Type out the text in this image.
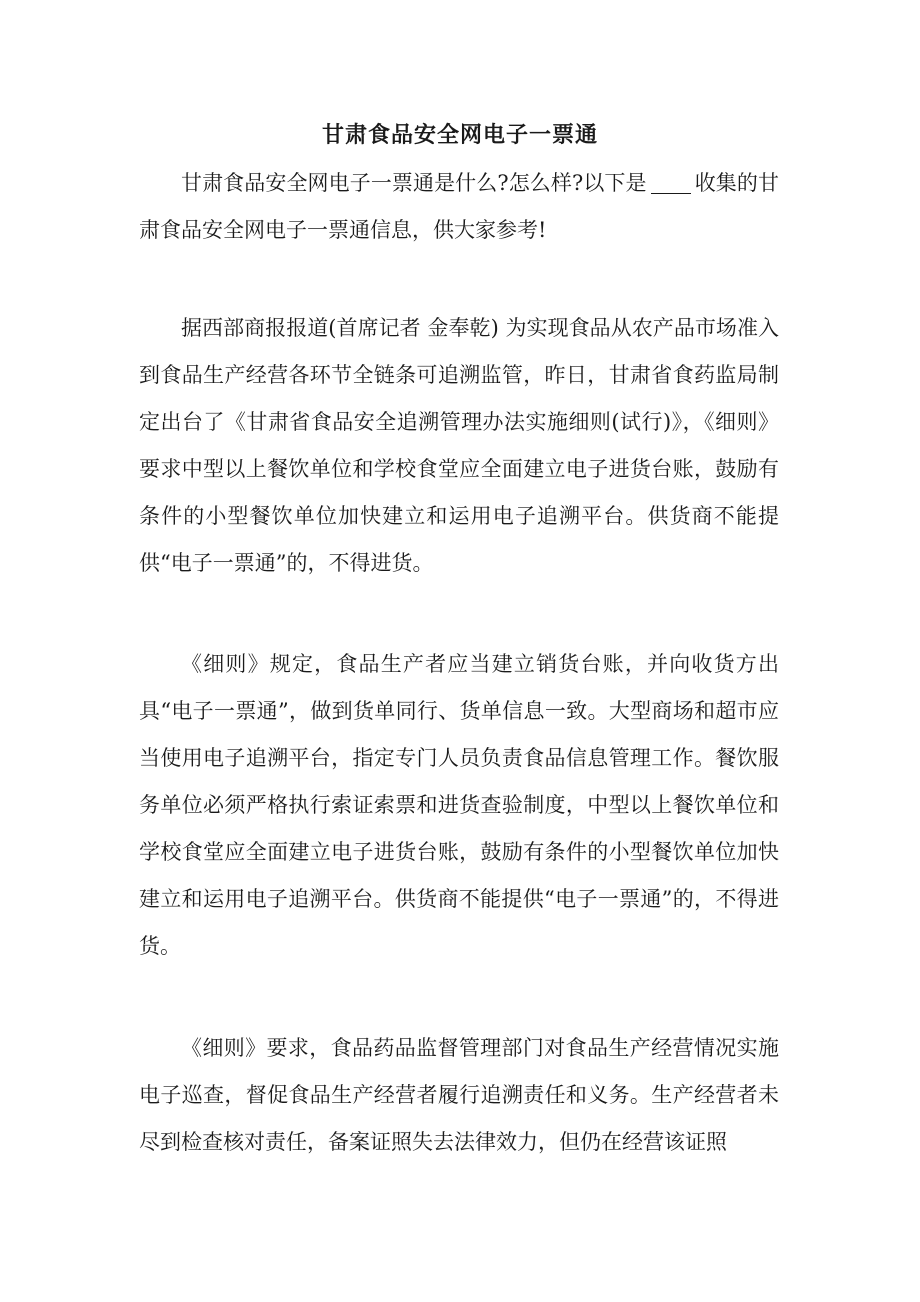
甘肃食品安全网电子一票通

甘肃食品安全网电子一票通是什么?怎么样?以下是 收集的甘肃食品安全网电子一票通信息，供大家参考!

据西部商报报道(首席记者 金奉乾) 为实现食品从农产品市场准入到食品生产经营各环节全链条可追溯监管，昨日，甘肃省食药监局制定出台了《甘肃省食品安全追溯管理办法实施细则(试行)》，《细则》要求中型以上餐饮单位和学校食堂应全面建立电子进货台账，鼓励有条件的小型餐饮单位加快建立和运用电子追溯平台。供货商不能提供“电子一票通”的，不得进货。

《细则》规定，食品生产者应当建立销货台账，并向收货方出具“电子一票通”，做到货单同行、货单信息一致。大型商场和超市应当使用电子追溯平台，指定专门人员负责食品信息管理工作。餐饮服务单位必须严格执行索证索票和进货查验制度，中型以上餐饮单位和学校食堂应全面建立电子进货台账，鼓励有条件的小型餐饮单位加快建立和运用电子追溯平台。供货商不能提供“电子一票通”的，不得进货。

《细则》要求，食品药品监督管理部门对食品生产经营情况实施电子巡查，督促食品生产经营者履行追溯责任和义务。生产经营者未尽到检查核对责任，备案证照失去法律效力，但仍在经营该证照
